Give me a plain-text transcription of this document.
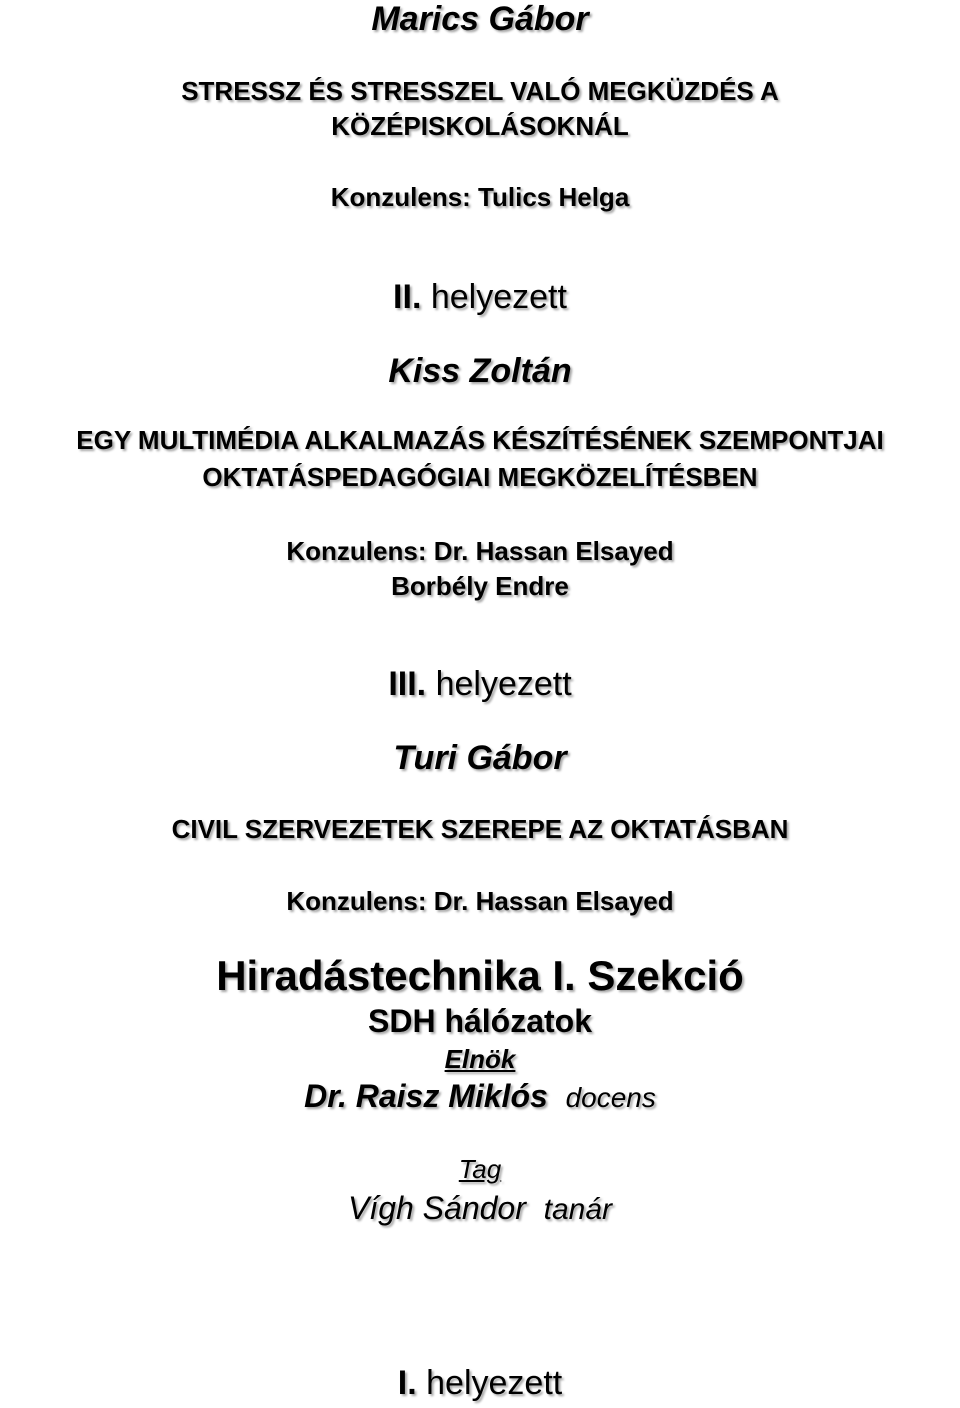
Marics Gábor
STRESSZ ÉS STRESSZEL VALÓ MEGKÜZDÉS A
KÖZÉPISKOLÁSOKNÁL
Konzulens: Tulics Helga
II. helyezett
Kiss Zoltán
EGY MULTIMÉDIA ALKALMAZÁS KÉSZÍTÉSÉNEK SZEMPONTJAI
OKTATÁSPEDAGÓGIAI MEGKÖZELÍTÉSBEN
Konzulens: Dr. Hassan Elsayed
Borbély Endre
III. helyezett
Turi Gábor
CIVIL SZERVEZETEK SZEREPE AZ OKTATÁSBAN
Konzulens: Dr. Hassan Elsayed
Hiradástechnika I. Szekció
SDH hálózatok
Elnök
Dr. Raisz Miklós docens
Tag
Vígh Sándor tanár
I. helyezett
